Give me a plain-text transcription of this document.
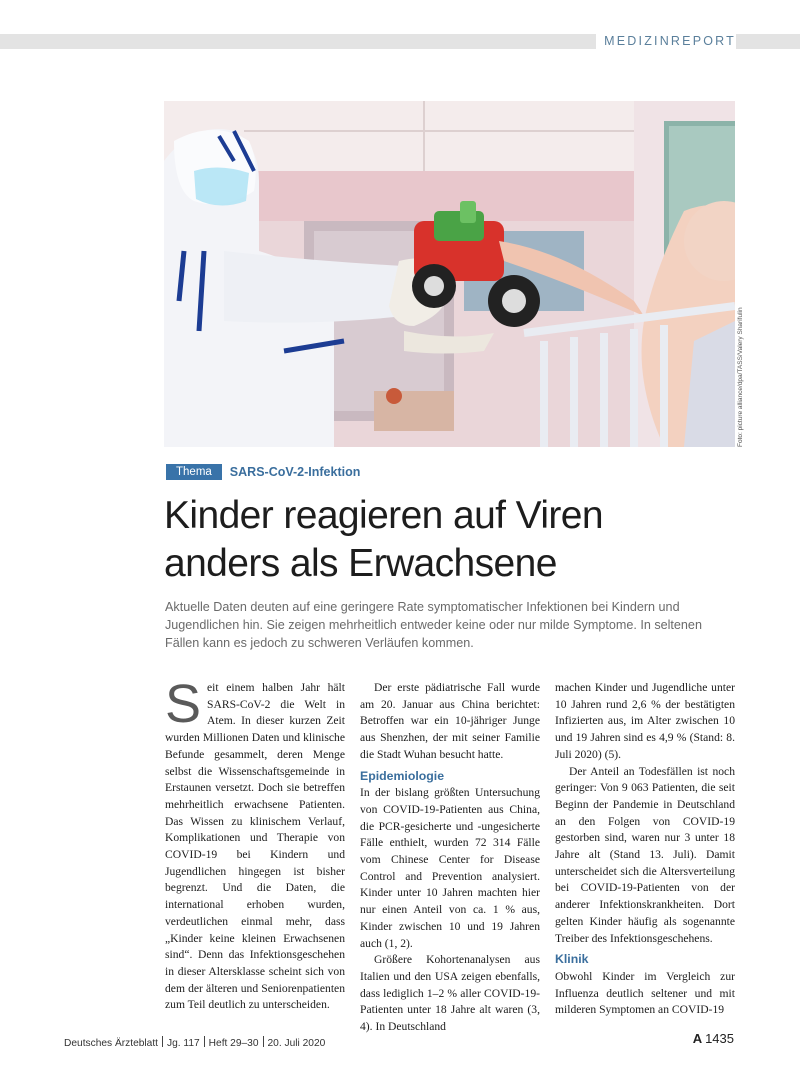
MEDIZINREPORT
Foto: picture alliance/dpa/TASS/Valery Sharifulin
Thema SARS-CoV-2-Infektion
Kinder reagieren auf Viren
anders als Erwachsene

Aktuelle Daten deuten auf eine geringere Rate symptomatischer Infektionen bei Kindern und Jugendlichen hin. Sie zeigen mehrheitlich entweder keine oder nur milde Symptome. In seltenen Fällen kann es jedoch zu schweren Verläufen kommen.

Seit einem halben Jahr hält SARS-CoV-2 die Welt in Atem. In dieser kurzen Zeit wurden Millionen Daten und klinische Befunde gesammelt, deren Menge selbst die Wissenschaftsgemeinde in Erstaunen versetzt. Doch sie betreffen mehrheitlich erwachsene Patienten. Das Wissen zu klinischem Verlauf, Komplikationen und Therapie von COVID-19 bei Kindern und Jugendlichen hingegen ist bisher begrenzt. Und die Daten, die international erhoben wurden, verdeutlichen einmal mehr, dass „Kinder keine kleinen Erwachsenen sind“. Denn das Infektionsgeschehen in dieser Altersklasse scheint sich von dem der älteren und Seniorenpatienten zum Teil deutlich zu unterscheiden.

Der erste pädiatrische Fall wurde am 20. Januar aus China berichtet: Betroffen war ein 10-jähriger Junge aus Shenzhen, der mit seiner Familie die Stadt Wuhan besucht hatte.

Epidemiologie

In der bislang größten Untersuchung von COVID-19-Patienten aus China, die PCR-gesicherte und -ungesicherte Fälle enthielt, wurden 72 314 Fälle vom Chinese Center for Disease Control and Prevention analysiert. Kinder unter 10 Jahren machten hier nur einen Anteil von ca. 1 % aus, Kinder zwischen 10 und 19 Jahren auch (1, 2).

Größere Kohortenanalysen aus Italien und den USA zeigen ebenfalls, dass lediglich 1–2 % aller COVID-19-Patienten unter 18 Jahre alt waren (3, 4). In Deutschland

machen Kinder und Jugendliche unter 10 Jahren rund 2,6 % der bestätigten Infizierten aus, im Alter zwischen 10 und 19 Jahren sind es 4,9 % (Stand: 8. Juli 2020) (5).

Der Anteil an Todesfällen ist noch geringer: Von 9 063 Patienten, die seit Beginn der Pandemie in Deutschland an den Folgen von COVID-19 gestorben sind, waren nur 3 unter 18 Jahre alt (Stand 13. Juli). Damit unterscheidet sich die Altersverteilung bei COVID-19-Patienten von der anderer Infektionskrankheiten. Dort gelten Kinder häufig als sogenannte Treiber des Infektionsgeschehens.

Klinik

Obwohl Kinder im Vergleich zur Influenza deutlich seltener und mit milderen Symptomen an COVID-19

Deutsches Ärzteblatt Jg. 117 Heft 29–30 20. Juli 2020	A 1435
